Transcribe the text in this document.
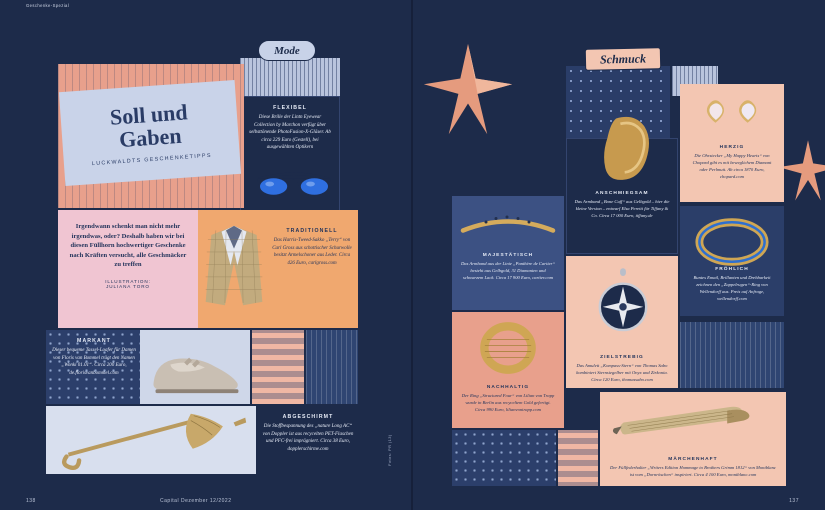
Geschenke-Spezial
FLEXIBEL
Diese Brille der Lintn Eyewear Collection by Marchon verfügt über selbsttönende PhotoFusion-X-Gläser. Ab circa 229 Euro (Gestell), bei ausgewählten Optikern
Mode
Soll und
Gaben
LUCKWALDTS GESCHENKETIPPS
Irgendwann schenkt man nicht mehr irgendwas, oder? Deshalb haben wir bei diesen Füllhorn hochwertiger Geschenke nach Kräften versucht, alle Geschmäcker zu treffen
ILLUSTRATION:
JULIANA TORO
TRADITIONELL
Das Harris-Tweed-Sakko „Terry“ von Carl Gross aus schottischer Schurwolle besitzt Armelschoner aus Leder. Circa 426 Euro, carlgross.com
MARKANT
Dieser bequeme Tassel-Loafer für Damen von Floris van Bommel trägt den Namen „Wonki 01.01“. Circa 200 Euro, de.florisvanbommel.com
ABGESCHIRMT
Die Stoffbespannung des „nature Long AC“ von Doppler ist aus recycelten PET-Flaschen und PFC-frei imprägniert. Circa 38 Euro, dopplerschirme.com
Schmuck
HERZIG
Die Ohrstecker „My Happy Hearts“ von Chopard gibt es mit beweglichem Diamant oder Perlmutt. Ab circa 1870 Euro, chopard.com
ANSCHMIEGSAM
Das Armband „Bone Cuff“ aus Gelbgold – hier die kleine Version – entwarf Elsa Peretti für Tiffany & Co. Circa 17 000 Euro, tiffany.de
MAJESTÄTISCH
Das Armband aus der Linie „Panthère de Cartier“ besteht aus Gelbgold, 31 Diamanten und schwarzem Lack. Circa 17 900 Euro, cartier.com
FRÖHLICH
Buntes Email, Brillanten und Drehbarkeit zeichnen den „Zappelrugen“-Ring von Wellendorff aus. Preis auf Anfrage, wellendorff.com
ZIELSTREBIG
Das Amulett „Kompass-Stern“ von Thomas Sabo kombiniert Sternsiegelber mit Onyx und Zirkonia. Circa 120 Euro, thomassabo.com
NACHHALTIG
Der Ring „Structured Four“ von Lilian von Trapp wurde in Berlin aus recyceltem Gold gefertigt. Circa 990 Euro, lilianvontrapp.com
MÄRCHENHAFT
Der Füllfederhalter „Writers Edition Hommage to Brothers Grimm 1812“ von Montblanc ist vom „Dornröschen“ inspiriert. Circa 4 100 Euro, montblanc.com
138	Capital Dezember 12/2022	137
Fotos: PR (13)
